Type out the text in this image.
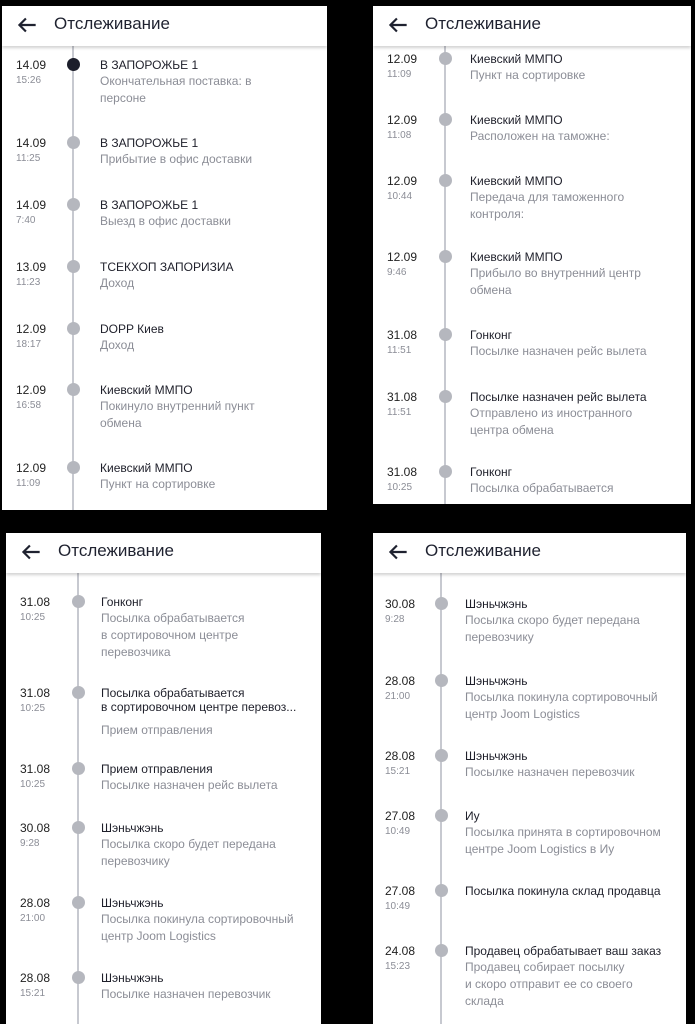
Отслеживание
14.09
15:26
В ЗАПОРОЖЬЕ 1
Окончательная поставка: в
персоне
14.09
11:25
В ЗАПОРОЖЬЕ 1
Прибытие в офис доставки
14.09
7:40
В ЗАПОРОЖЬЕ 1
Выезд в офис доставки
13.09
11:23
ТСЕКХОП ЗАПОРИЗИА
Доход
12.09
18:17
DOPP Киев
Доход
12.09
16:58
Киевский ММПО
Покинуло внутренний пункт
обмена
12.09
11:09
Киевский ММПО
Пункт на сортировке
Отслеживание
12.09
11:09
Киевский ММПО
Пункт на сортировке
12.09
11:08
Киевский ММПО
Расположен на таможне:
12.09
10:44
Киевский ММПО
Передача для таможенного
контроля:
12.09
9:46
Киевский ММПО
Прибыло во внутренний центр
обмена
31.08
11:51
Гонконг
Посылке назначен рейс вылета
31.08
11:51
Посылке назначен рейс вылета
Отправлено из иностранного
центра обмена
31.08
10:25
Гонконг
Посылка обрабатывается
Отслеживание
31.08
10:25
Гонконг
Посылка обрабатывается
в сортировочном центре
перевозчика
31.08
10:25
Посылка обрабатывается
в сортировочном центре перевоз...
Прием отправления
31.08
10:25
Прием отправления
Посылке назначен рейс вылета
30.08
9:28
Шэньчжэнь
Посылка скоро будет передана
перевозчику
28.08
21:00
Шэньчжэнь
Посылка покинула сортировочный
центр Joom Logistics
28.08
15:21
Шэньчжэнь
Посылке назначен перевозчик
Отслеживание
30.08
9:28
Шэньчжэнь
Посылка скоро будет передана
перевозчику
28.08
21:00
Шэньчжэнь
Посылка покинула сортировочный
центр Joom Logistics
28.08
15:21
Шэньчжэнь
Посылке назначен перевозчик
27.08
10:49
Иу
Посылка принята в сортировочном
центре Joom Logistics в Иу
27.08
10:49
Посылка покинула склад продавца
24.08
15:23
Продавец обрабатывает ваш заказ
Продавец собирает посылку
и скоро отправит ее со своего
склада
